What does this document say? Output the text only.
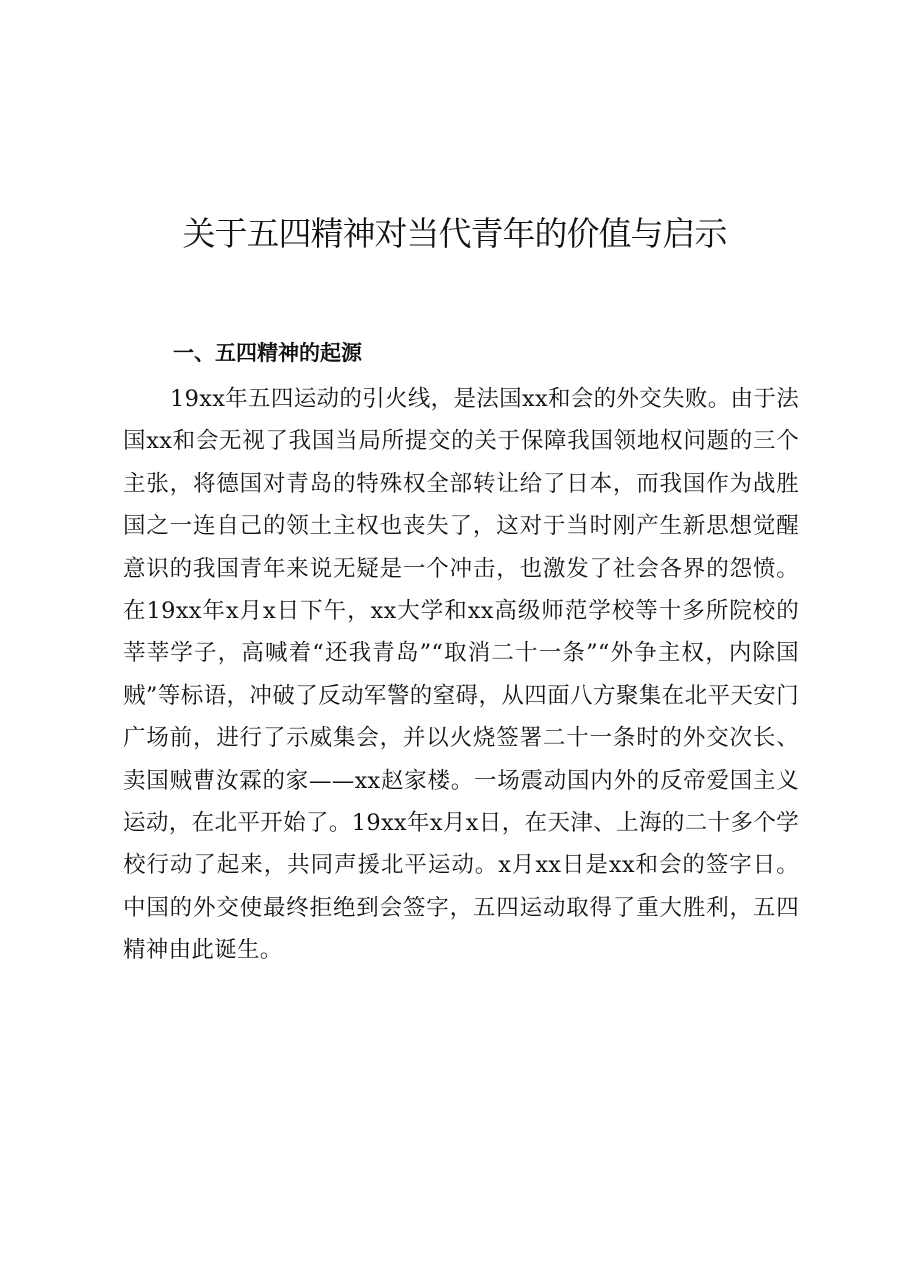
关于五四精神对当代青年的价值与启示
一、五四精神的起源

19xx年五四运动的引火线，是法国xx和会的外交失败。由于法国xx和会无视了我国当局所提交的关于保障我国领地权问题的三个主张，将德国对青岛的特殊权全部转让给了日本，而我国作为战胜国之一连自己的领土主权也丧失了，这对于当时刚产生新思想觉醒意识的我国青年来说无疑是一个冲击，也激发了社会各界的怨愤。在19xx年x月x日下午，xx大学和xx高级师范学校等十多所院校的莘莘学子，高喊着“还我青岛”“取消二十一条”“外争主权，内除国贼”等标语，冲破了反动军警的窒碍，从四面八方聚集在北平天安门广场前，进行了示威集会，并以火烧签署二十一条时的外交次长、卖国贼曹汝霖的家——xx赵家楼。一场震动国内外的反帝爱国主义运动，在北平开始了。19xx年x月x日，在天津、上海的二十多个学校行动了起来，共同声援北平运动。x月xx日是xx和会的签字日。中国的外交使最终拒绝到会签字，五四运动取得了重大胜利，五四精神由此诞生。
